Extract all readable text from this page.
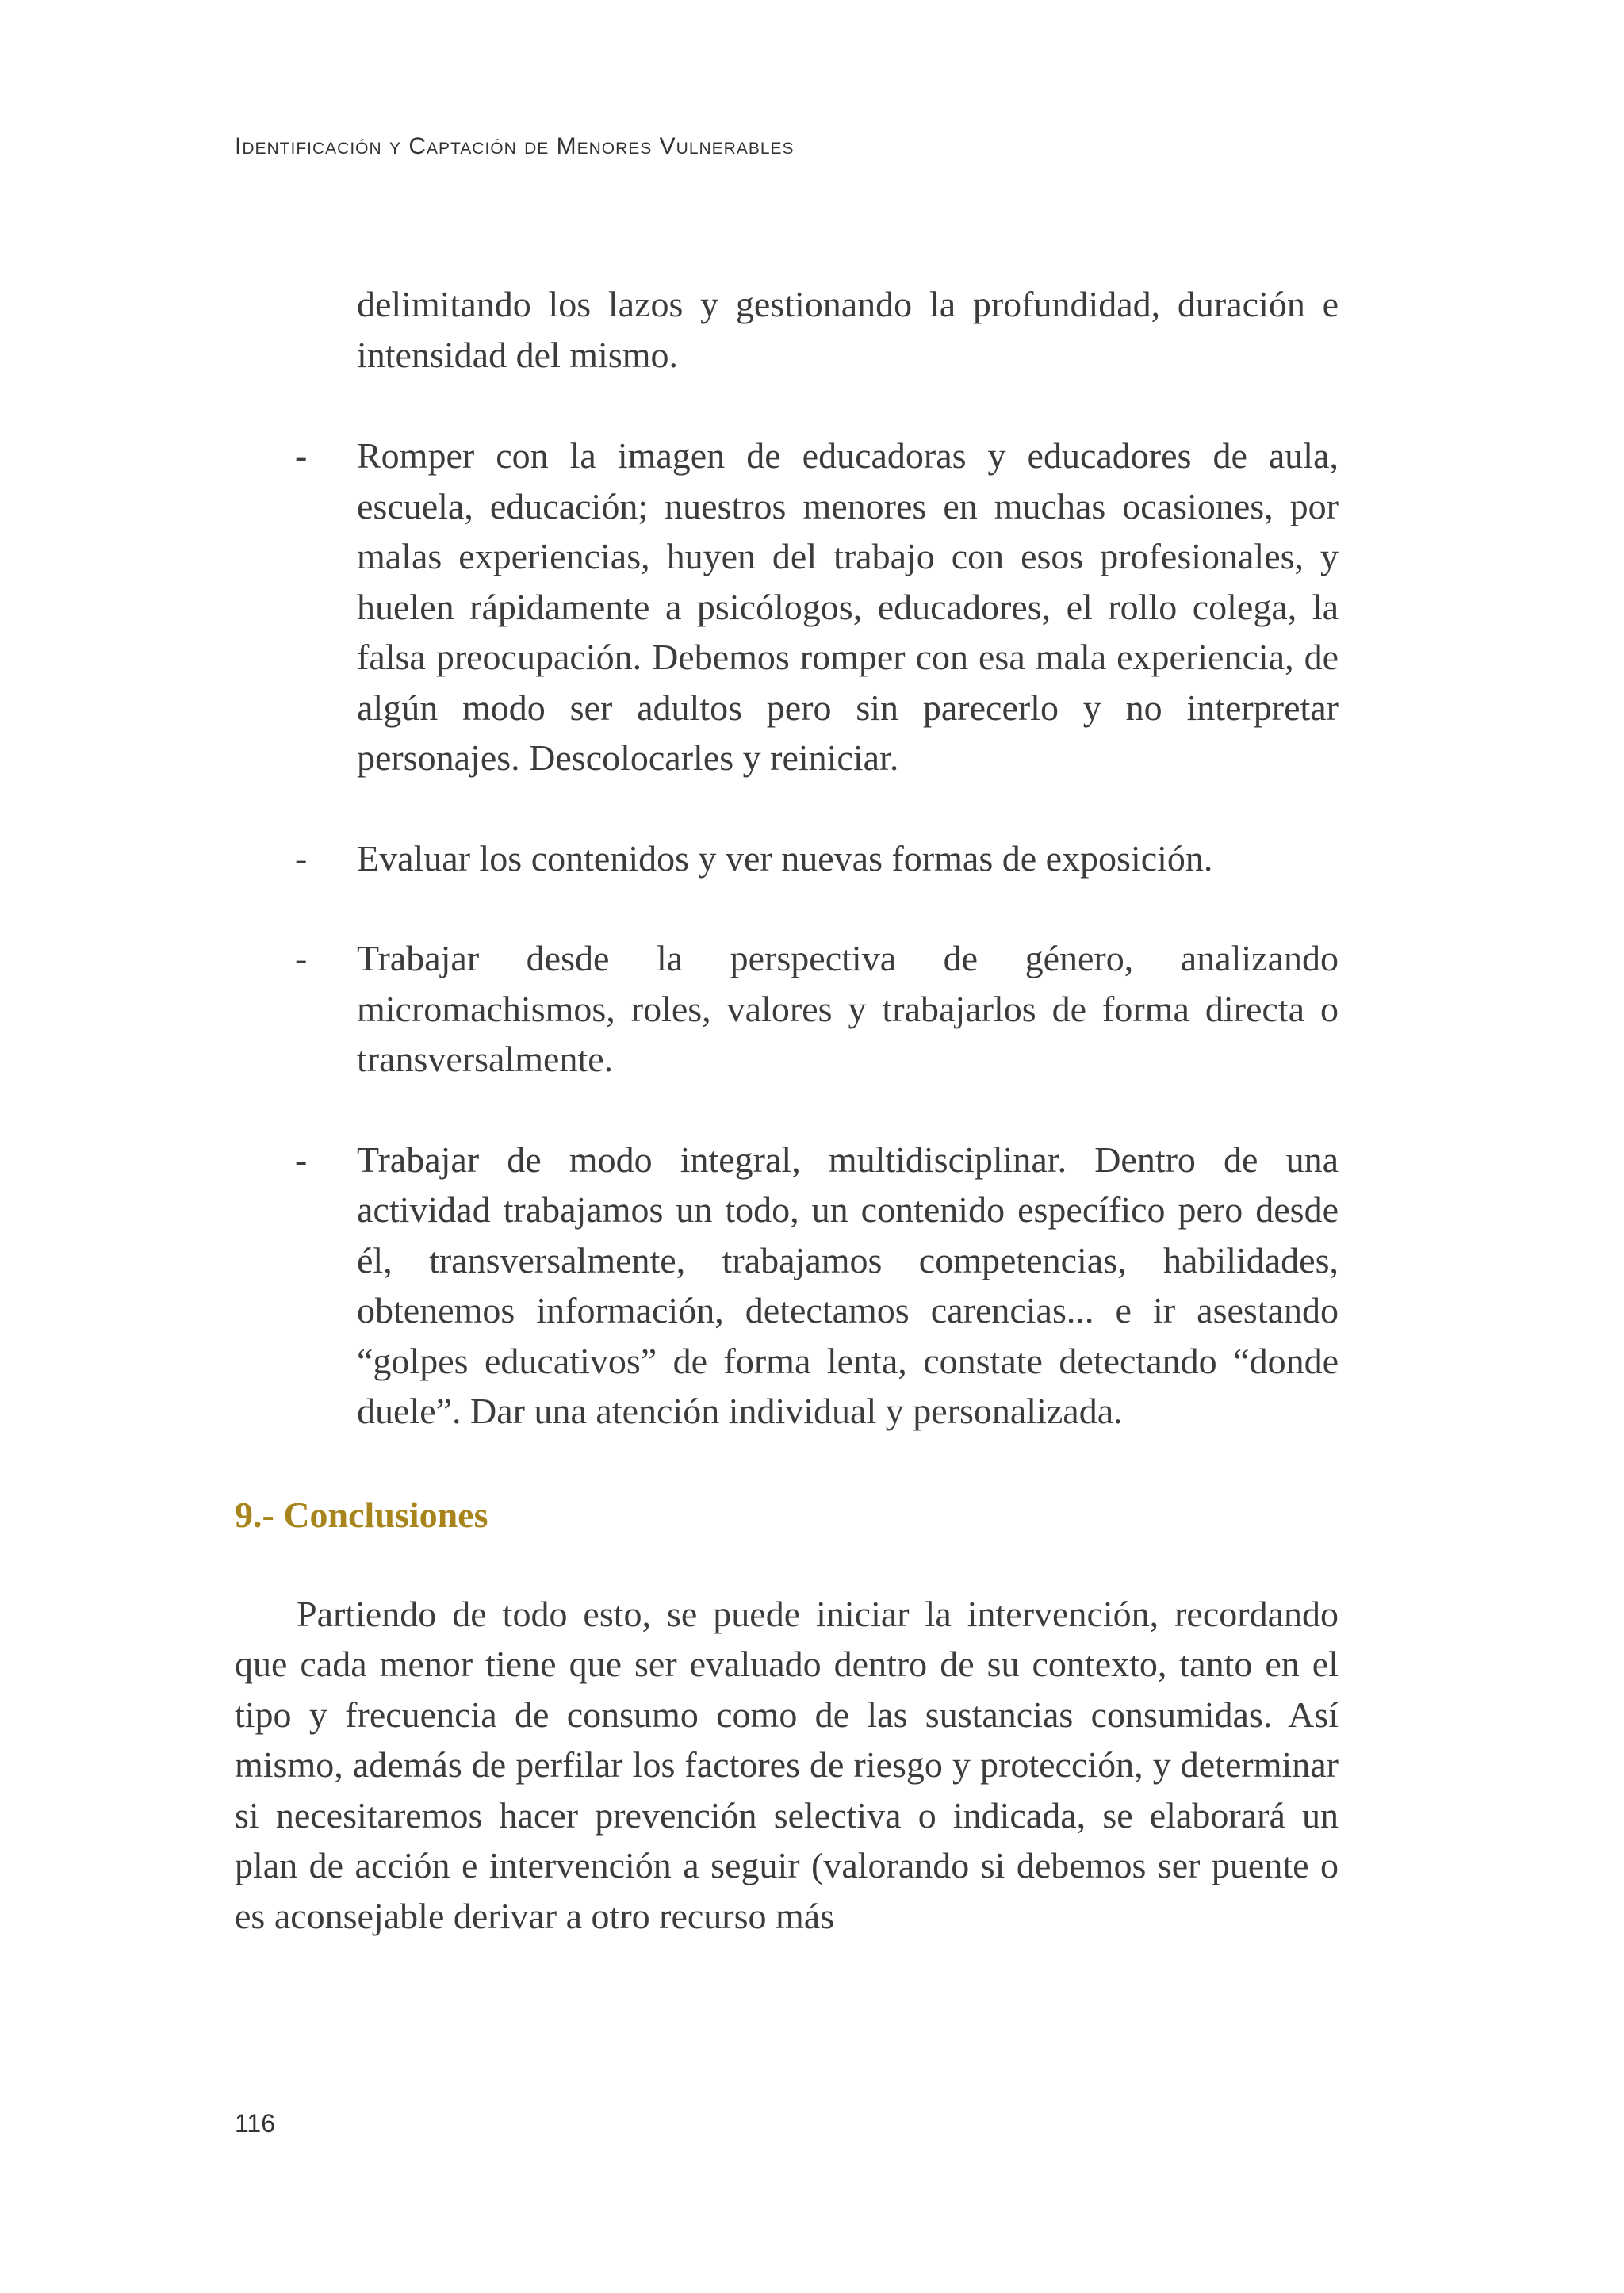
Identificación y Captación de Menores Vulnerables

delimitando los lazos y gestionando la profundidad, duración e intensidad del mismo.

-	Romper con la imagen de educadoras y educadores de aula, escuela, educación; nuestros menores en muchas ocasiones, por malas experiencias, huyen del trabajo con esos profesionales, y huelen rápidamente a psicólogos, educadores, el rollo colega, la falsa preocupación. Debemos romper con esa mala experiencia, de algún modo ser adultos pero sin parecerlo y no interpretar personajes. Descolocarles y reiniciar.
-	Evaluar los contenidos y ver nuevas formas de exposición.
-	Trabajar desde la perspectiva de género, analizando micromachismos, roles, valores y trabajarlos de forma directa o transversalmente.
-	Trabajar de modo integral, multidisciplinar. Dentro de una actividad trabajamos un todo, un contenido específico pero desde él, transversalmente, trabajamos competencias, habilidades, obtenemos información, detectamos carencias... e ir asestando “golpes educativos” de forma lenta, constate detectando “donde duele”. Dar una atención individual y personalizada.
9.- Conclusiones

Partiendo de todo esto, se puede iniciar la intervención, recordando que cada menor tiene que ser evaluado dentro de su contexto, tanto en el tipo y frecuencia de consumo como de las sustancias consumidas. Así mismo, además de perfilar los factores de riesgo y protección, y determinar si necesitaremos hacer prevención selectiva o indicada, se elaborará un plan de acción e intervención a seguir (valorando si debemos ser puente o es aconsejable derivar a otro recurso más

116
